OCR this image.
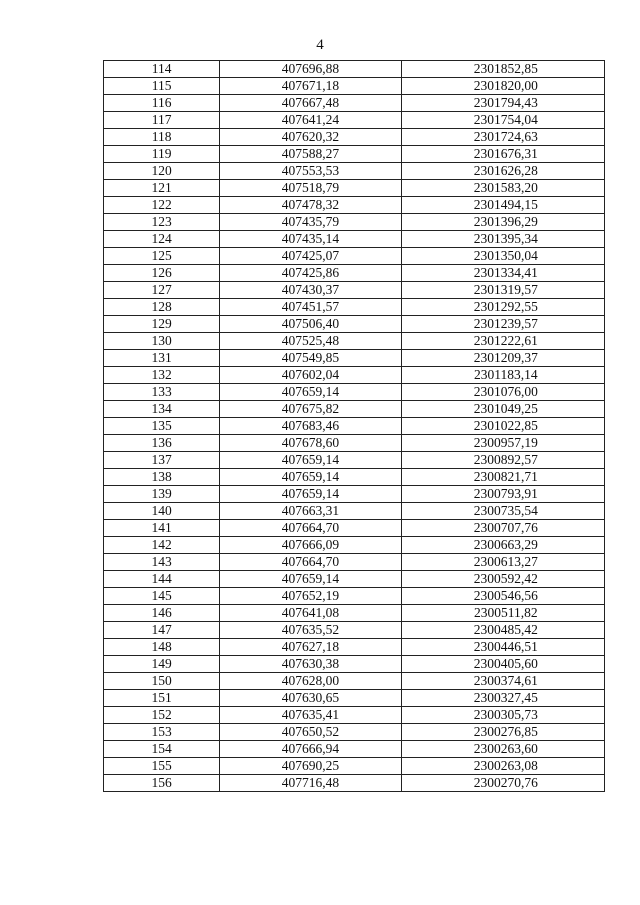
4
114	407696,88	2301852,85
115	407671,18	2301820,00
116	407667,48	2301794,43
117	407641,24	2301754,04
118	407620,32	2301724,63
119	407588,27	2301676,31
120	407553,53	2301626,28
121	407518,79	2301583,20
122	407478,32	2301494,15
123	407435,79	2301396,29
124	407435,14	2301395,34
125	407425,07	2301350,04
126	407425,86	2301334,41
127	407430,37	2301319,57
128	407451,57	2301292,55
129	407506,40	2301239,57
130	407525,48	2301222,61
131	407549,85	2301209,37
132	407602,04	2301183,14
133	407659,14	2301076,00
134	407675,82	2301049,25
135	407683,46	2301022,85
136	407678,60	2300957,19
137	407659,14	2300892,57
138	407659,14	2300821,71
139	407659,14	2300793,91
140	407663,31	2300735,54
141	407664,70	2300707,76
142	407666,09	2300663,29
143	407664,70	2300613,27
144	407659,14	2300592,42
145	407652,19	2300546,56
146	407641,08	2300511,82
147	407635,52	2300485,42
148	407627,18	2300446,51
149	407630,38	2300405,60
150	407628,00	2300374,61
151	407630,65	2300327,45
152	407635,41	2300305,73
153	407650,52	2300276,85
154	407666,94	2300263,60
155	407690,25	2300263,08
156	407716,48	2300270,76
